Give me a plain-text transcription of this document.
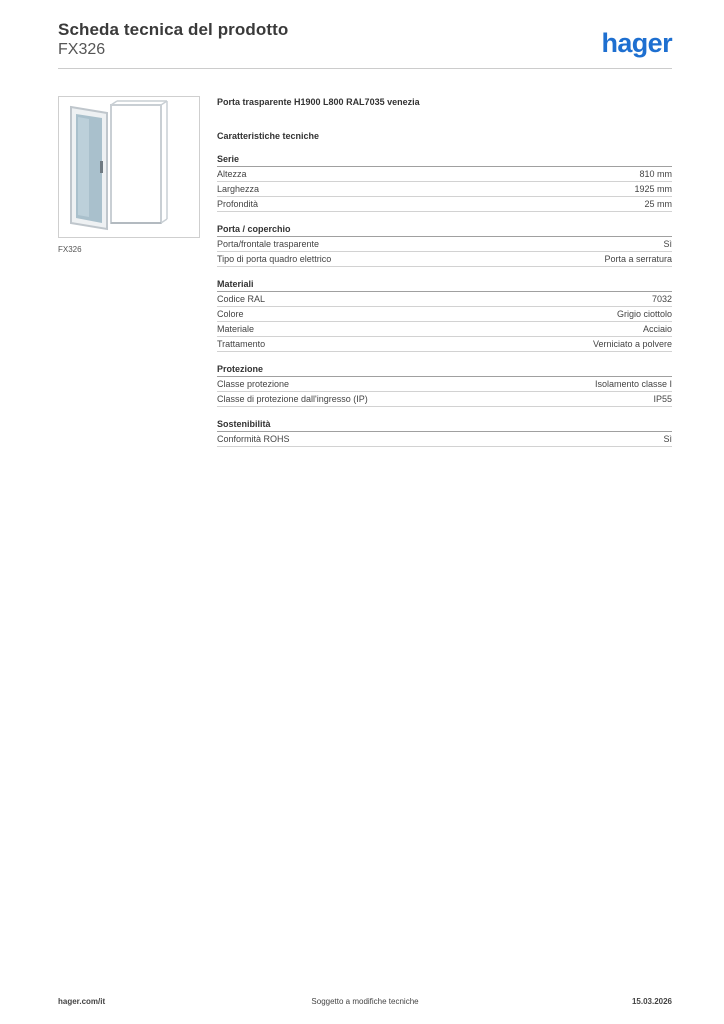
Scheda tecnica del prodotto
FX326	hager
FX326
Porta trasparente H1900 L800 RAL7035 venezia
Caratteristiche tecniche
Serie
Altezza	810 mm
Larghezza	1925 mm
Profondità	25 mm
Porta / coperchio
Porta/frontale trasparente	Sì
Tipo di porta quadro elettrico	Porta a serratura
Materiali
Codice RAL	7032
Colore	Grigio ciottolo
Materiale	Acciaio
Trattamento	Verniciato a polvere
Protezione
Classe protezione	Isolamento classe I
Classe di protezione dall'ingresso (IP)	IP55
Sostenibilità
Conformità ROHS	Sì
hager.com/it	Soggetto a modifiche tecniche	15.03.2026
